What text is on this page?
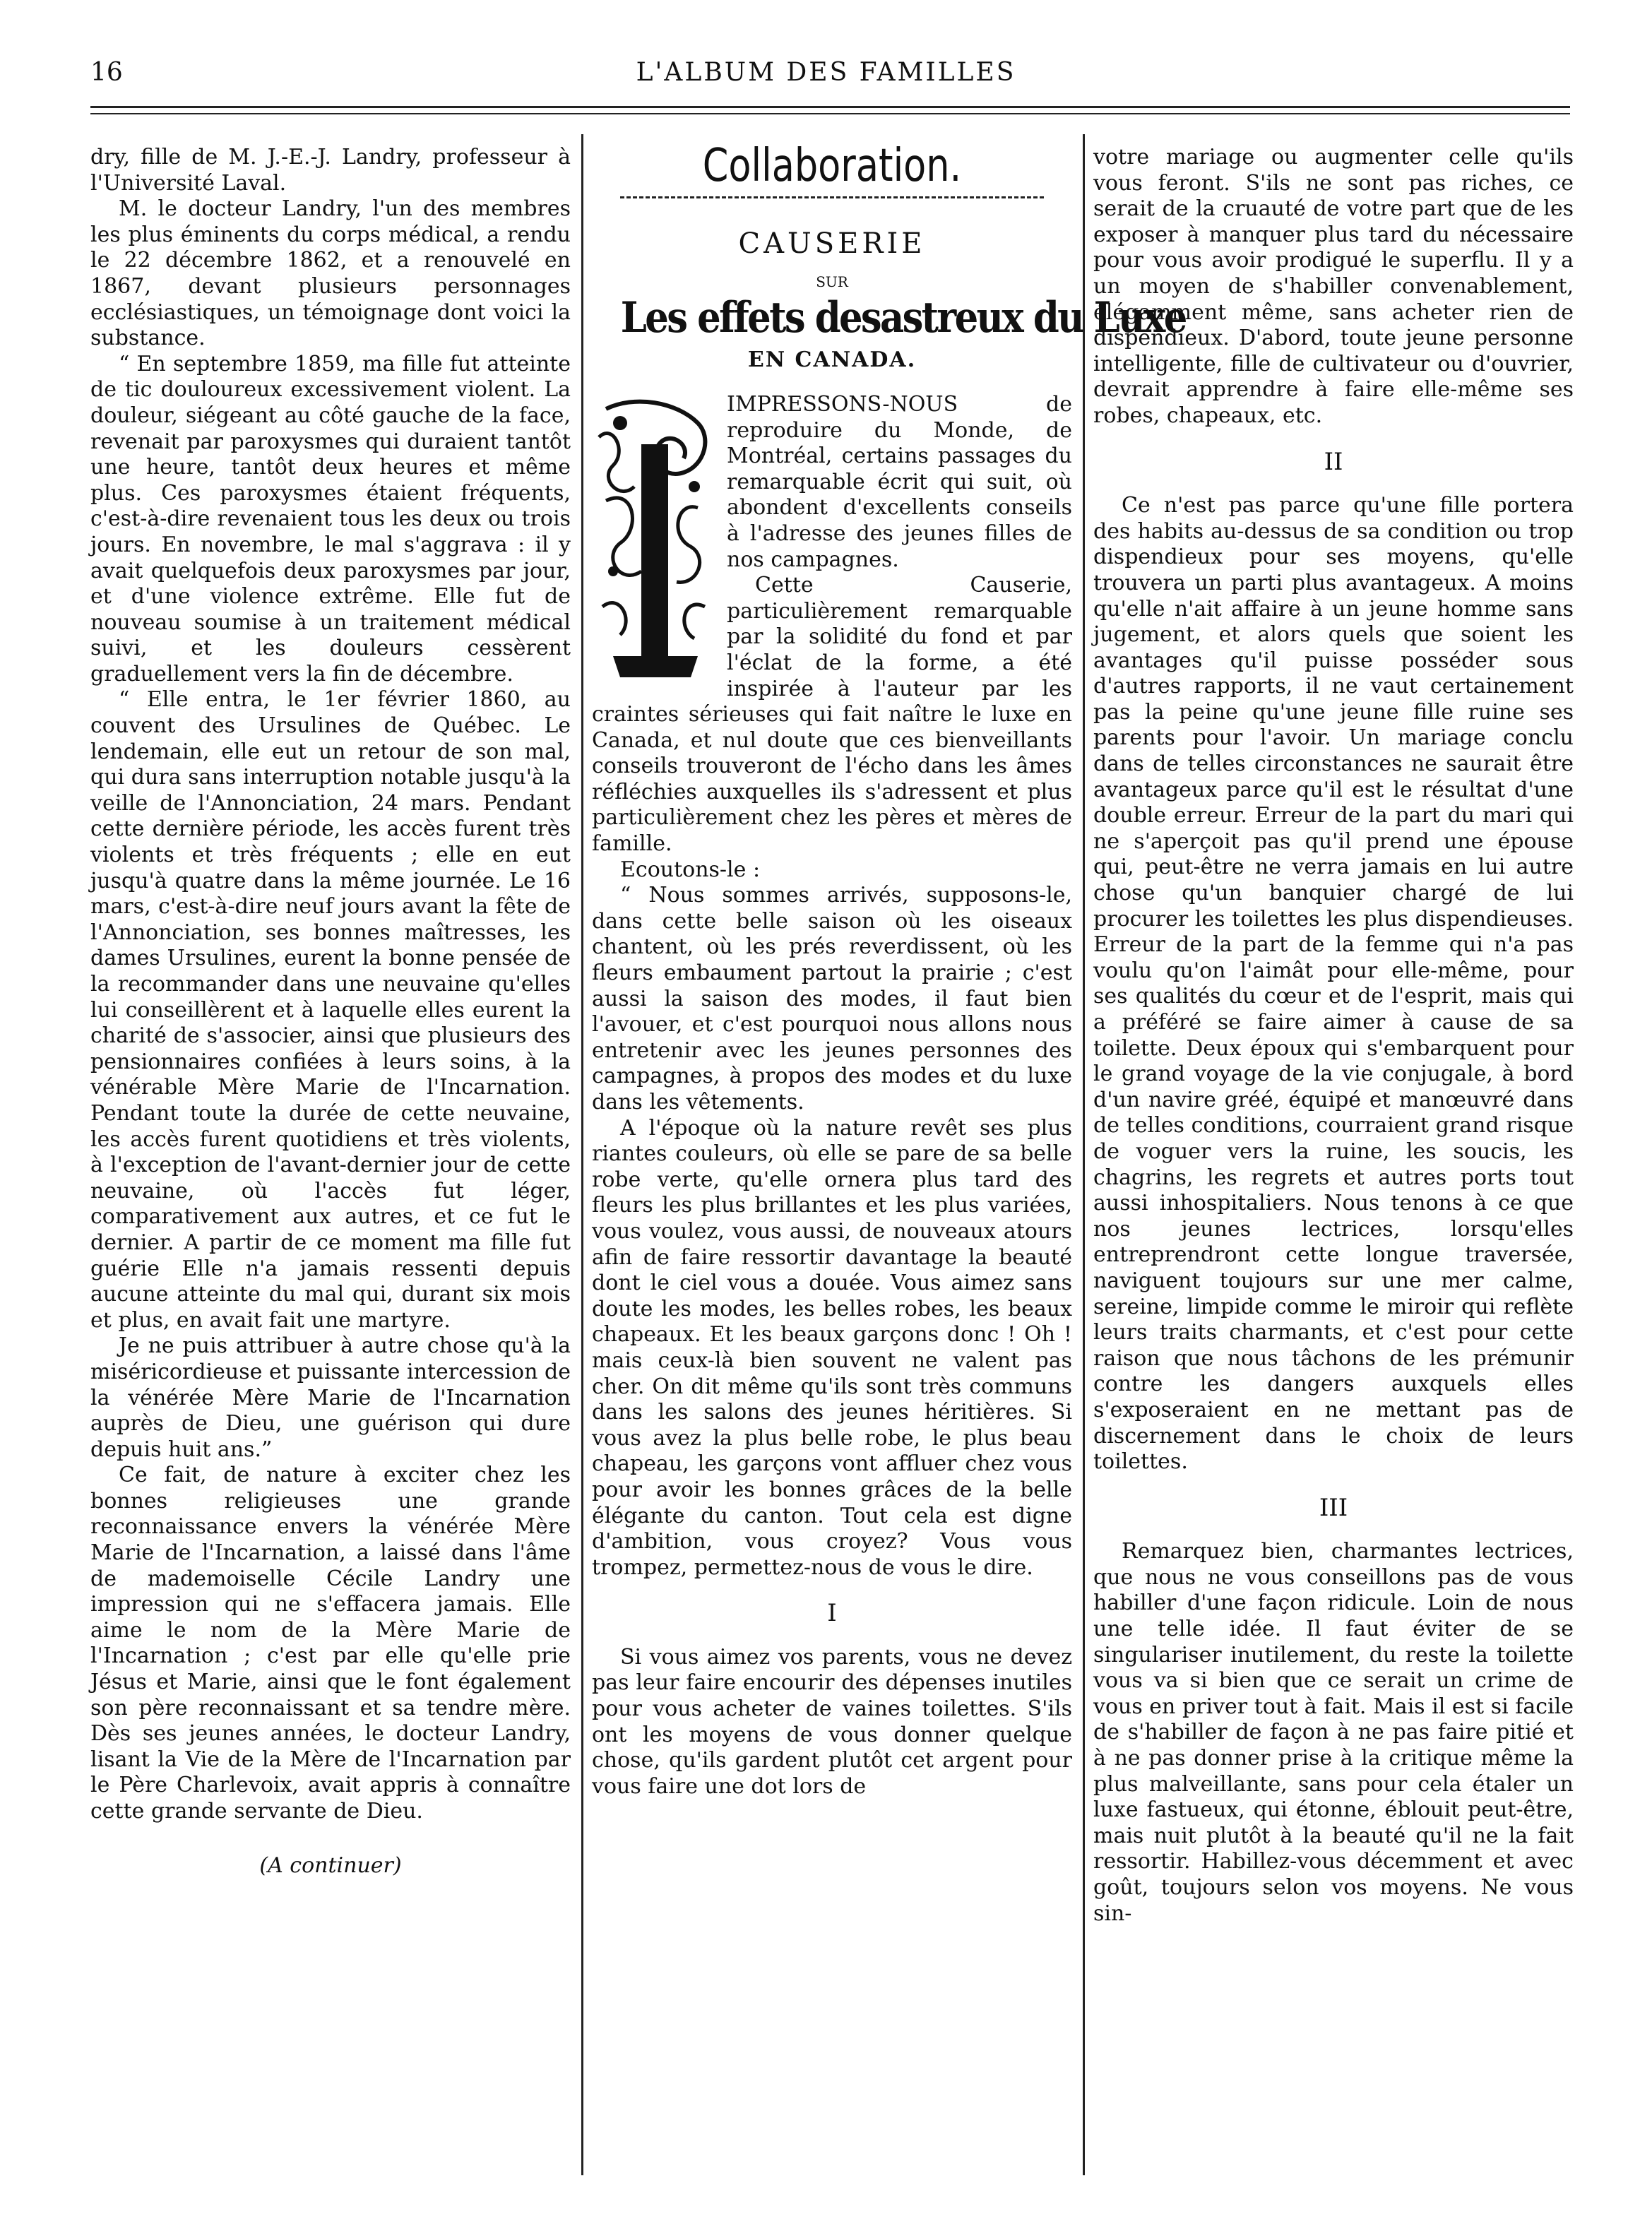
16	L'ALBUM DES FAMILLES

dry, fille de M. J.-E.-J. Landry, professeur à l'Université Laval.

M. le docteur Landry, l'un des membres les plus éminents du corps médical, a rendu le 22 décembre 1862, et a renouvelé en 1867, devant plusieurs personnages ecclésiastiques, un témoignage dont voici la substance.

“ En septembre 1859, ma fille fut atteinte de tic douloureux excessivement violent. La douleur, siégeant au côté gauche de la face, revenait par paroxysmes qui duraient tantôt une heure, tantôt deux heures et même plus. Ces paroxysmes étaient fréquents, c'est-à-dire revenaient tous les deux ou trois jours. En novembre, le mal s'aggrava : il y avait quelquefois deux paroxysmes par jour, et d'une violence extrême. Elle fut de nouveau soumise à un traitement médical suivi, et les douleurs cessèrent graduellement vers la fin de décembre.

“ Elle entra, le 1er février 1860, au couvent des Ursulines de Québec. Le lendemain, elle eut un retour de son mal, qui dura sans interruption notable jusqu'à la veille de l'Annonciation, 24 mars. Pendant cette dernière période, les accès furent très violents et très fréquents ; elle en eut jusqu'à quatre dans la même journée. Le 16 mars, c'est-à-dire neuf jours avant la fête de l'Annonciation, ses bonnes maîtresses, les dames Ursulines, eurent la bonne pensée de la recommander dans une neuvaine qu'elles lui conseillèrent et à laquelle elles eurent la charité de s'associer, ainsi que plusieurs des pensionnaires confiées à leurs soins, à la vénérable Mère Marie de l'Incarnation. Pendant toute la durée de cette neuvaine, les accès furent quotidiens et très violents, à l'exception de l'avant-dernier jour de cette neuvaine, où l'accès fut léger, comparativement aux autres, et ce fut le dernier. A partir de ce moment ma fille fut guérie Elle n'a jamais ressenti depuis aucune atteinte du mal qui, durant six mois et plus, en avait fait une martyre.

Je ne puis attribuer à autre chose qu'à la miséricordieuse et puissante intercession de la vénérée Mère Marie de l'Incarnation auprès de Dieu, une guérison qui dure depuis huit ans.”

Ce fait, de nature à exciter chez les bonnes religieuses une grande reconnaissance envers la vénérée Mère Marie de l'Incarnation, a laissé dans l'âme de mademoiselle Cécile Landry une impression qui ne s'effacera jamais. Elle aime le nom de la Mère Marie de l'Incarnation ; c'est par elle qu'elle prie Jésus et Marie, ainsi que le font également son père reconnaissant et sa tendre mère. Dès ses jeunes années, le docteur Landry, lisant la Vie de la Mère de l'Incarnation par le Père Charlevoix, avait appris à connaître cette grande servante de Dieu.

(A continuer)
Collaboration.
CAUSERIE
SUR
Les effets desastreux du Luxe
EN CANADA.

IMPRESSONS-NOUS de reproduire du Monde, de Montréal, certains passages du remarquable écrit qui suit, où abondent d'excellents conseils à l'adresse des jeunes filles de nos campagnes.

Cette Causerie, particulièrement remarquable par la solidité du fond et par l'éclat de la forme, a été inspirée à l'auteur par les craintes sérieuses qui fait naître le luxe en Canada, et nul doute que ces bienveillants conseils trouveront de l'écho dans les âmes réfléchies auxquelles ils s'adressent et plus particulièrement chez les pères et mères de famille.

Ecoutons-le :

“ Nous sommes arrivés, supposons-le, dans cette belle saison où les oiseaux chantent, où les prés reverdissent, où les fleurs embaument partout la prairie ; c'est aussi la saison des modes, il faut bien l'avouer, et c'est pourquoi nous allons nous entretenir avec les jeunes personnes des campagnes, à propos des modes et du luxe dans les vêtements.

A l'époque où la nature revêt ses plus riantes couleurs, où elle se pare de sa belle robe verte, qu'elle ornera plus tard des fleurs les plus brillantes et les plus variées, vous voulez, vous aussi, de nouveaux atours afin de faire ressortir davantage la beauté dont le ciel vous a douée. Vous aimez sans doute les modes, les belles robes, les beaux chapeaux. Et les beaux garçons donc ! Oh ! mais ceux-là bien souvent ne valent pas cher. On dit même qu'ils sont très communs dans les salons des jeunes héritières. Si vous avez la plus belle robe, le plus beau chapeau, les garçons vont affluer chez vous pour avoir les bonnes grâces de la belle élégante du canton. Tout cela est digne d'ambition, vous croyez? Vous vous trompez, permettez-nous de vous le dire.

I

Si vous aimez vos parents, vous ne devez pas leur faire encourir des dépenses inutiles pour vous acheter de vaines toilettes. S'ils ont les moyens de vous donner quelque chose, qu'ils gardent plutôt cet argent pour vous faire une dot lors de

votre mariage ou augmenter celle qu'ils vous feront. S'ils ne sont pas riches, ce serait de la cruauté de votre part que de les exposer à manquer plus tard du nécessaire pour vous avoir prodigué le superflu. Il y a un moyen de s'habiller convenablement, élégamment même, sans acheter rien de dispendieux. D'abord, toute jeune personne intelligente, fille de cultivateur ou d'ouvrier, devrait apprendre à faire elle-même ses robes, chapeaux, etc.

II

Ce n'est pas parce qu'une fille portera des habits au-dessus de sa condition ou trop dispendieux pour ses moyens, qu'elle trouvera un parti plus avantageux. A moins qu'elle n'ait affaire à un jeune homme sans jugement, et alors quels que soient les avantages qu'il puisse posséder sous d'autres rapports, il ne vaut certainement pas la peine qu'une jeune fille ruine ses parents pour l'avoir. Un mariage conclu dans de telles circonstances ne saurait être avantageux parce qu'il est le résultat d'une double erreur. Erreur de la part du mari qui ne s'aperçoit pas qu'il prend une épouse qui, peut-être ne verra jamais en lui autre chose qu'un banquier chargé de lui procurer les toilettes les plus dispendieuses. Erreur de la part de la femme qui n'a pas voulu qu'on l'aimât pour elle-même, pour ses qualités du cœur et de l'esprit, mais qui a préféré se faire aimer à cause de sa toilette. Deux époux qui s'embarquent pour le grand voyage de la vie conjugale, à bord d'un navire gréé, équipé et manœuvré dans de telles conditions, courraient grand risque de voguer vers la ruine, les soucis, les chagrins, les regrets et autres ports tout aussi inhospitaliers. Nous tenons à ce que nos jeunes lectrices, lorsqu'elles entreprendront cette longue traversée, naviguent toujours sur une mer calme, sereine, limpide comme le miroir qui reflète leurs traits charmants, et c'est pour cette raison que nous tâchons de les prémunir contre les dangers auxquels elles s'exposeraient en ne mettant pas de discernement dans le choix de leurs toilettes.

III

Remarquez bien, charmantes lectrices, que nous ne vous conseillons pas de vous habiller d'une façon ridicule. Loin de nous une telle idée. Il faut éviter de se singulariser inutilement, du reste la toilette vous va si bien que ce serait un crime de vous en priver tout à fait. Mais il est si facile de s'habiller de façon à ne pas faire pitié et à ne pas donner prise à la critique même la plus malveillante, sans pour cela étaler un luxe fastueux, qui étonne, éblouit peut-être, mais nuit plutôt à la beauté qu'il ne la fait ressortir. Habillez-vous décemment et avec goût, toujours selon vos moyens. Ne vous sin-
